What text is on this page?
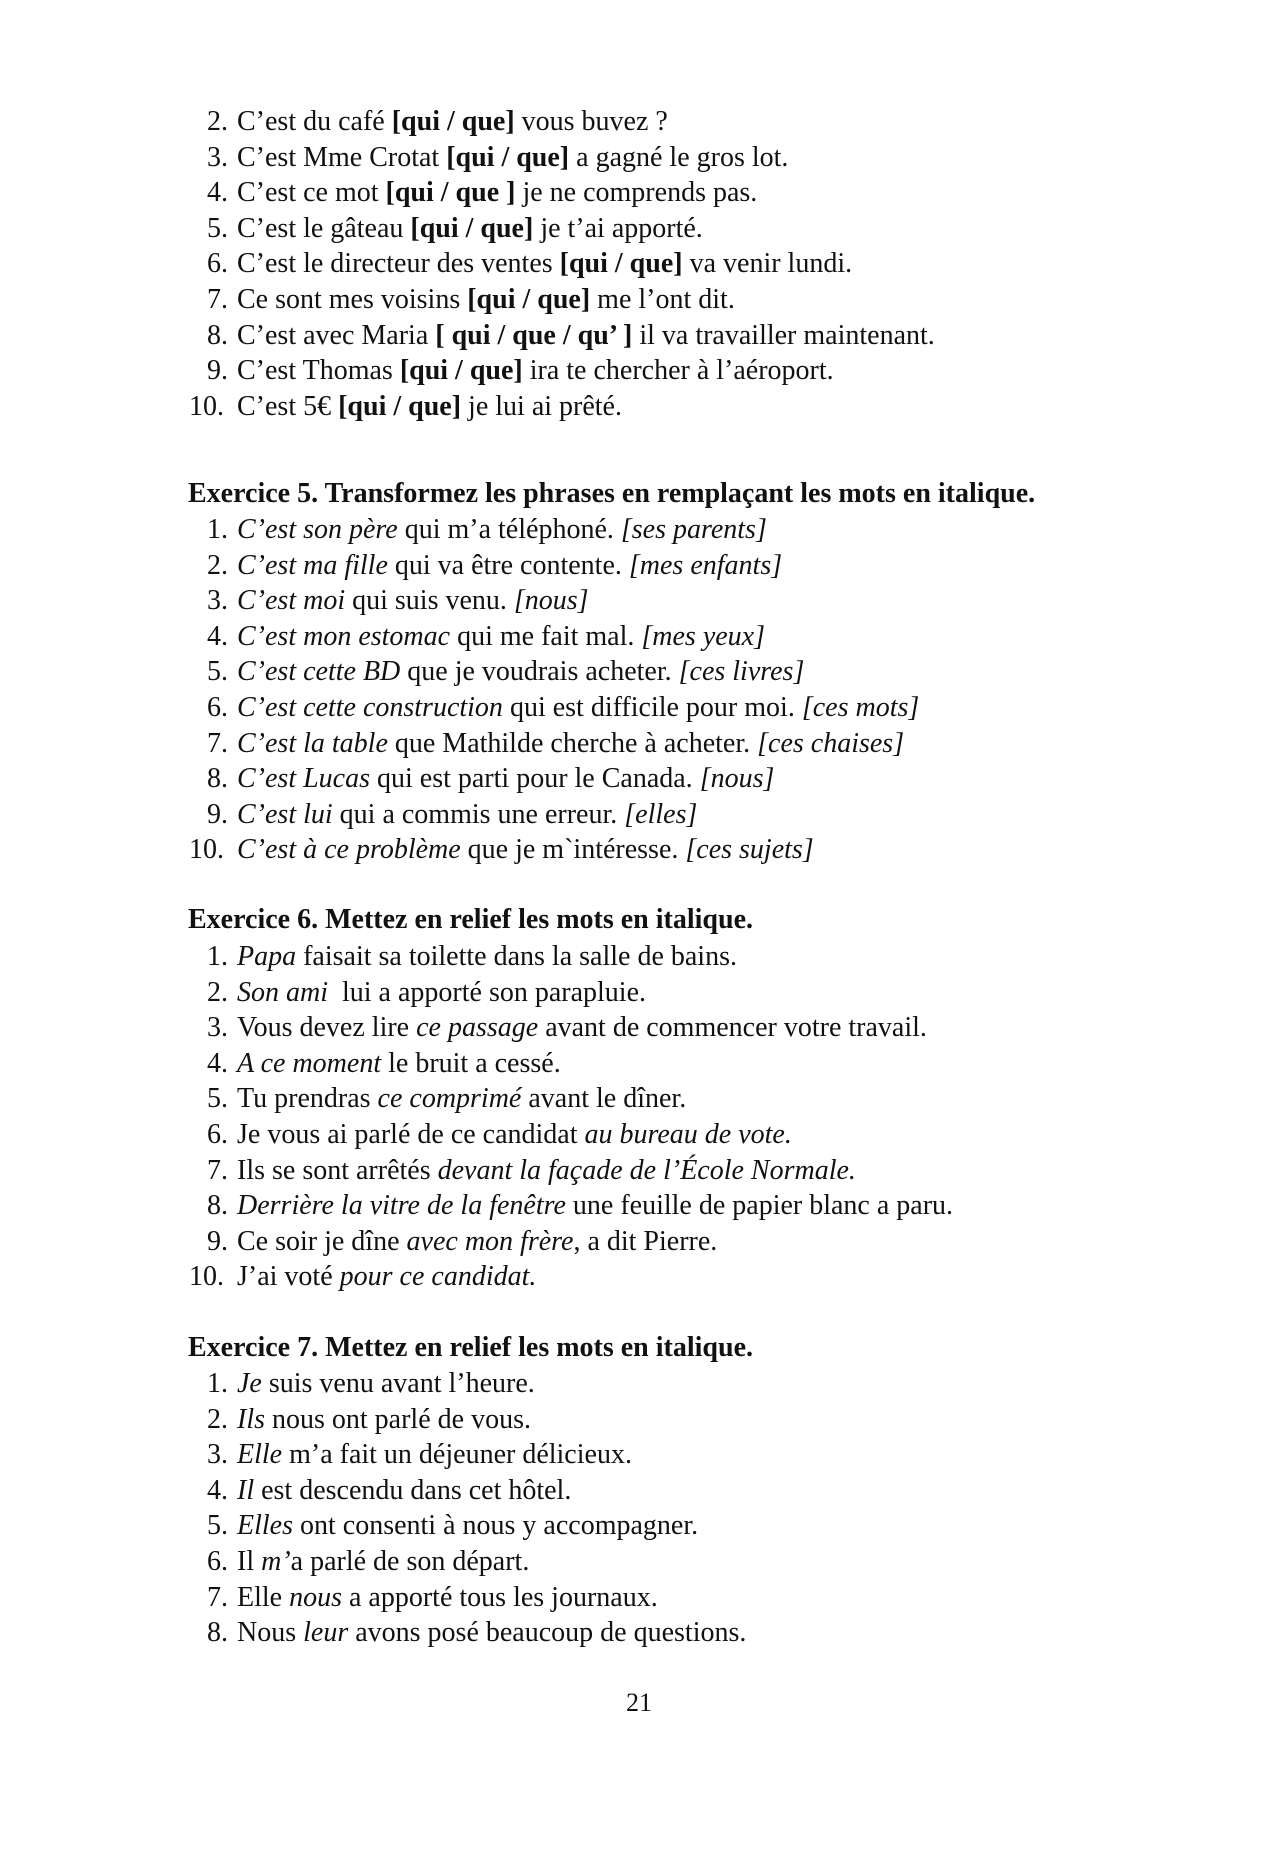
2. C’est du café [qui / que] vous buvez ?
3. C’est Mme Crotat [qui / que] a gagné le gros lot.
4. C’est ce mot [qui / que ] je ne comprends pas.
5. C’est le gâteau [qui / que] je t’ai apporté.
6. C’est le directeur des ventes [qui / que] va venir lundi.
7. Ce sont mes voisins [qui / que] me l’ont dit.
8. C’est avec Maria [ qui / que / qu’ ] il va travailler maintenant.
9. C’est Thomas [qui / que] ira te chercher à l’aéroport.
10. C’est 5€ [qui / que] je lui ai prêté.
Exercice 5. Transformez les phrases en remplaçant les mots en italique.
1. C’est son père qui m’a téléphoné. [ses parents]
2. C’est ma fille qui va être contente. [mes enfants]
3. C’est moi qui suis venu. [nous]
4. C’est mon estomac qui me fait mal. [mes yeux]
5. C’est cette BD que je voudrais acheter. [ces livres]
6. C’est cette construction qui est difficile pour moi. [ces mots]
7. C’est la table que Mathilde cherche à acheter. [ces chaises]
8. C’est Lucas qui est parti pour le Canada. [nous]
9. C’est lui qui a commis une erreur. [elles]
10. C’est à ce problème que je m`intéresse. [ces sujets]
Exercice 6. Mettez en relief les mots en italique.
1. Papa faisait sa toilette dans la salle de bains.
2. Son ami  lui a apporté son parapluie.
3. Vous devez lire ce passage avant de commencer votre travail.
4. A ce moment le bruit a cessé.
5. Tu prendras ce comprimé avant le dîner.
6. Je vous ai parlé de ce candidat au bureau de vote.
7. Ils se sont arrêtés devant la façade de l’École Normale.
8. Derrière la vitre de la fenêtre une feuille de papier blanc a paru.
9. Ce soir je dîne avec mon frère, a dit Pierre.
10. J’ai voté pour ce candidat.
Exercice 7. Mettez en relief les mots en italique.
1. Je suis venu avant l’heure.
2. Ils nous ont parlé de vous.
3. Elle m’a fait un déjeuner délicieux.
4. Il est descendu dans cet hôtel.
5. Elles ont consenti à nous y accompagner.
6. Il m’a parlé de son départ.
7. Elle nous a apporté tous les journaux.
8. Nous leur avons posé beaucoup de questions.
21
